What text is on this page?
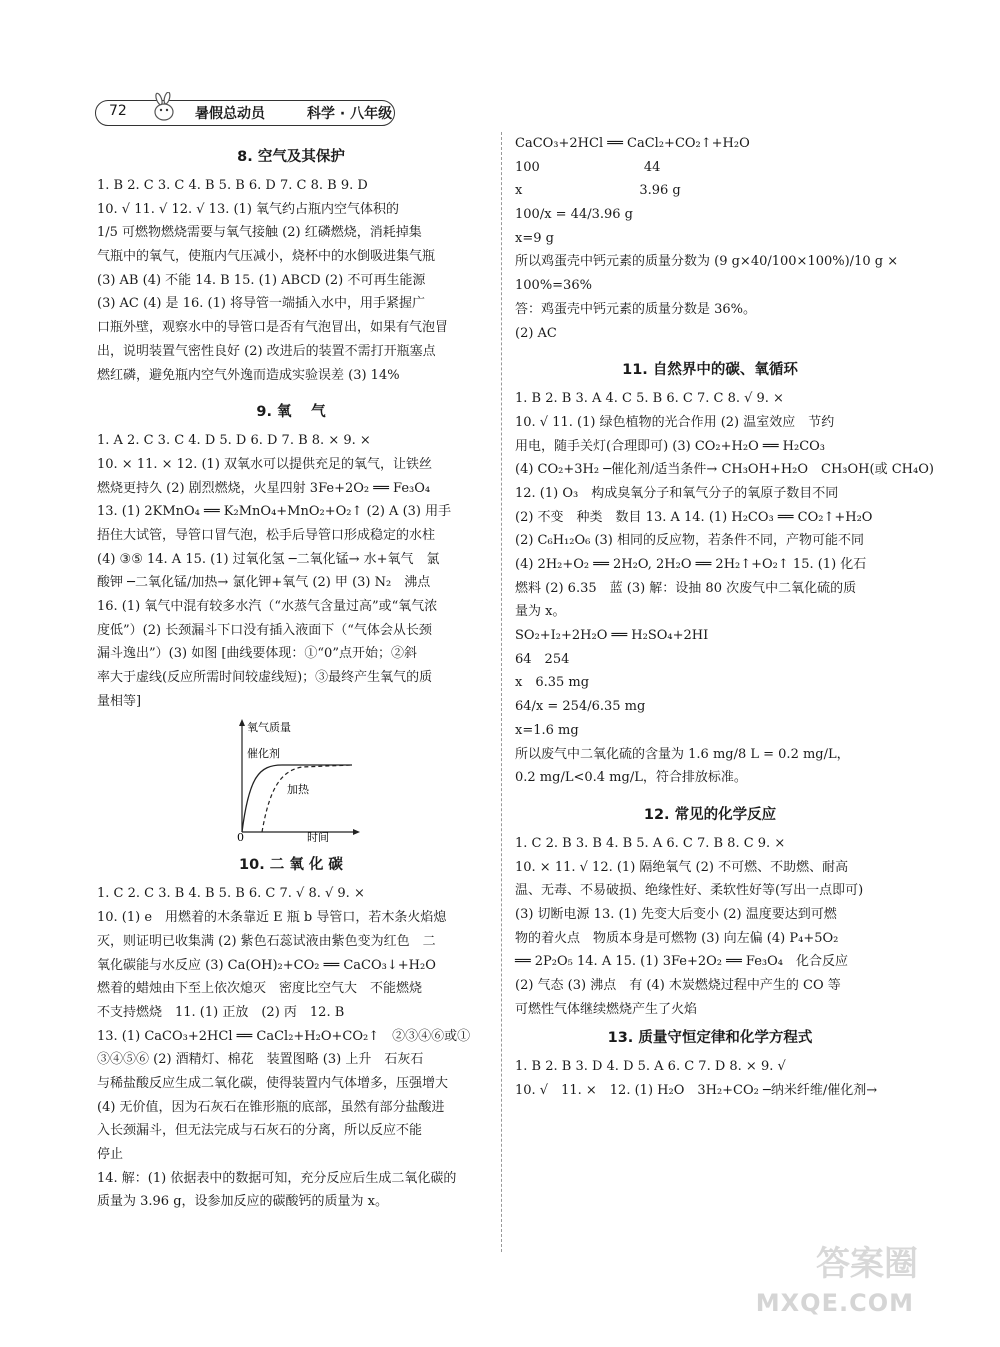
72	暑假总动员	科学 · 八年级
8. 空气及其保护
1. B 2. C 3. C 4. B 5. B 6. D 7. C 8. B 9. D
10. √ 11. √ 12. √ 13. (1) 氧气约占瓶内空气体积的
1/5 可燃物燃烧需要与氧气接触 (2) 红磷燃烧，消耗掉集
气瓶中的氧气，使瓶内气压减小，烧杯中的水倒吸进集气瓶
(3) AB (4) 不能 14. B 15. (1) ABCD (2) 不可再生能源
(3) AC (4) 是 16. (1) 将导管一端插入水中，用手紧握广
口瓶外壁，观察水中的导管口是否有气泡冒出，如果有气泡冒
出，说明装置气密性良好 (2) 改进后的装置不需打开瓶塞点
燃红磷，避免瓶内空气外逸而造成实验误差 (3) 14%
9. 氧　 气
1. A 2. C 3. C 4. D 5. D 6. D 7. B 8. × 9. ×
10. × 11. × 12. (1) 双氧水可以提供充足的氧气，让铁丝
燃烧更持久 (2) 剧烈燃烧，火星四射 3Fe+2O₂ ══ Fe₃O₄
13. (1) 2KMnO₄ ══ K₂MnO₄+MnO₂+O₂↑ (2) A (3) 用手
捂住大试管，导管口冒气泡，松手后导管口形成稳定的水柱
(4) ③⑤ 14. A 15. (1) 过氧化氢 ─二氧化锰→ 水+氧气　氯
酸钾 ─二氧化锰/加热→ 氯化钾+氧气 (2) 甲 (3) N₂　沸点
16. (1) 氧气中混有较多水汽（“水蒸气含量过高”或“氧气浓
度低”）(2) 长颈漏斗下口没有插入液面下（“气体会从长颈
漏斗逸出”）(3) 如图 [曲线要体现：①“0”点开始；②斜
率大于虚线(反应所需时间较虚线短)；③最终产生氧气的质
量相等]
氧气质量
催化剂
加热
0	时间
10. 二 氧 化 碳
1. C 2. C 3. B 4. B 5. B 6. C 7. √ 8. √ 9. ×
10. (1) e　用燃着的木条靠近 E 瓶 b 导管口，若木条火焰熄
灭，则证明已收集满 (2) 紫色石蕊试液由紫色变为红色　二
氧化碳能与水反应 (3) Ca(OH)₂+CO₂ ══ CaCO₃↓+H₂O
燃着的蜡烛由下至上依次熄灭　密度比空气大　不能燃烧
不支持燃烧　11. (1) 正放　(2) 丙　12. B
13. (1) CaCO₃+2HCl ══ CaCl₂+H₂O+CO₂↑　②③④⑥或①
③④⑤⑥ (2) 酒精灯、棉花　装置图略 (3) 上升　石灰石
与稀盐酸反应生成二氧化碳，使得装置内气体增多，压强增大
(4) 无价值，因为石灰石在锥形瓶的底部，虽然有部分盐酸进
入长颈漏斗，但无法完成与石灰石的分离，所以反应不能
停止
14. 解：(1) 依据表中的数据可知，充分反应后生成二氧化碳的
质量为 3.96 g，设参加反应的碳酸钙的质量为 x。
CaCO₃+2HCl ══ CaCl₂+CO₂↑+H₂O
100　　　　　　　　44
x　　　　　　　　　3.96 g
100/x = 44/3.96 g
x=9 g
所以鸡蛋壳中钙元素的质量分数为 (9 g×40/100×100%)/10 g ×
100%=36%
答：鸡蛋壳中钙元素的质量分数是 36%。
(2) AC
11. 自然界中的碳、氧循环
1. B 2. B 3. A 4. C 5. B 6. C 7. C 8. √ 9. ×
10. √ 11. (1) 绿色植物的光合作用 (2) 温室效应　节约
用电，随手关灯(合理即可) (3) CO₂+H₂O ══ H₂CO₃
(4) CO₂+3H₂ ─催化剂/适当条件→ CH₃OH+H₂O　CH₃OH(或 CH₄O)
12. (1) O₃　构成臭氧分子和氧气分子的氧原子数目不同
(2) 不变　种类　数目 13. A 14. (1) H₂CO₃ ══ CO₂↑+H₂O
(2) C₆H₁₂O₆ (3) 相同的反应物，若条件不同，产物可能不同
(4) 2H₂+O₂ ══ 2H₂O, 2H₂O ══ 2H₂↑+O₂↑ 15. (1) 化石
燃料 (2) 6.35　蓝 (3) 解：设抽 80 次废气中二氧化硫的质
量为 x。
SO₂+I₂+2H₂O ══ H₂SO₄+2HI
64　254
x　6.35 mg
64/x = 254/6.35 mg
x=1.6 mg
所以废气中二氧化硫的含量为 1.6 mg/8 L = 0.2 mg/L，
0.2 mg/L<0.4 mg/L，符合排放标准。
12. 常见的化学反应
1. C 2. B 3. B 4. B 5. A 6. C 7. B 8. C 9. ×
10. × 11. √ 12. (1) 隔绝氧气 (2) 不可燃、不助燃、耐高
温、无毒、不易破损、绝缘性好、柔软性好等(写出一点即可)
(3) 切断电源 13. (1) 先变大后变小 (2) 温度要达到可燃
物的着火点　物质本身是可燃物 (3) 向左偏 (4) P₄+5O₂
══ 2P₂O₅ 14. A 15. (1) 3Fe+2O₂ ══ Fe₃O₄　化合反应
(2) 气态 (3) 沸点　有 (4) 木炭燃烧过程中产生的 CO 等
可燃性气体继续燃烧产生了火焰
13. 质量守恒定律和化学方程式
1. B 2. B 3. D 4. D 5. A 6. C 7. D 8. × 9. √
10. √　11. ×　12. (1) H₂O　3H₂+CO₂ ─纳米纤维/催化剂→
答案圈
MXQE.COM
